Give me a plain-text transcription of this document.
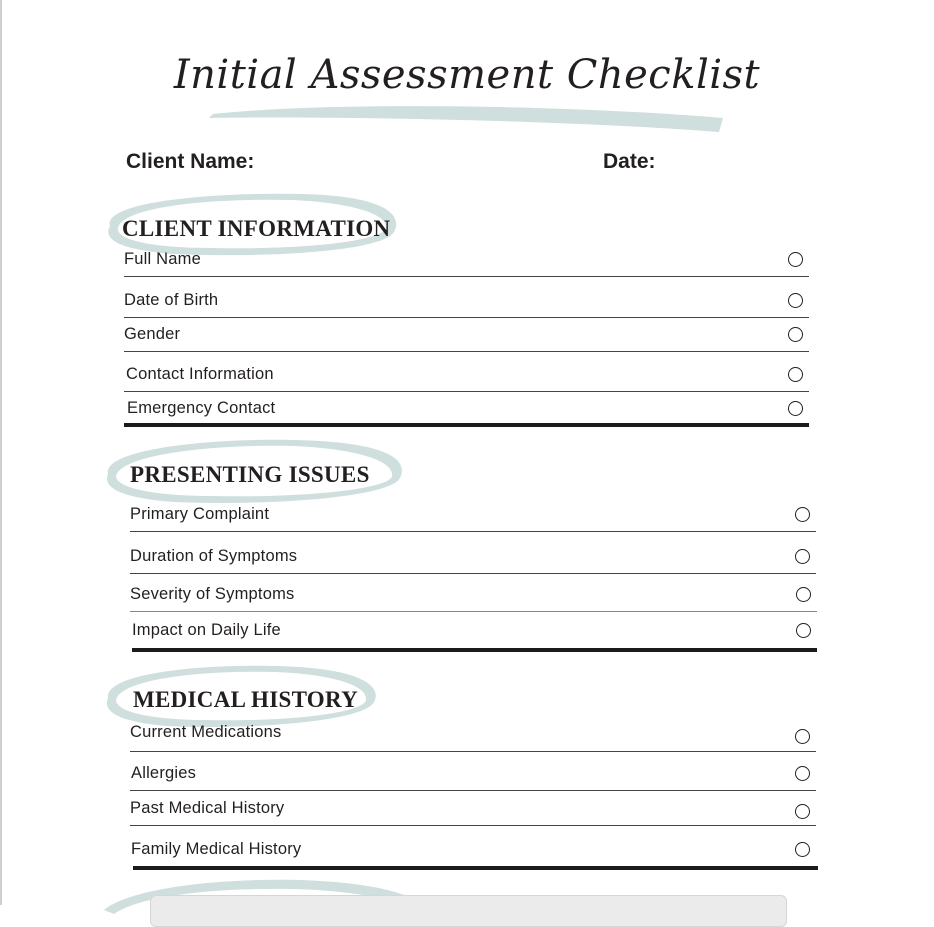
Initial Assessment Checklist
Client Name:	Date:
CLIENT INFORMATION
Full Name
Date of Birth
Gender
Contact Information
Emergency Contact
PRESENTING ISSUES
Primary Complaint
Duration of Symptoms
Severity of Symptoms
Impact on Daily Life
MEDICAL HISTORY
Current Medications
Allergies
Past Medical History
Family Medical History
